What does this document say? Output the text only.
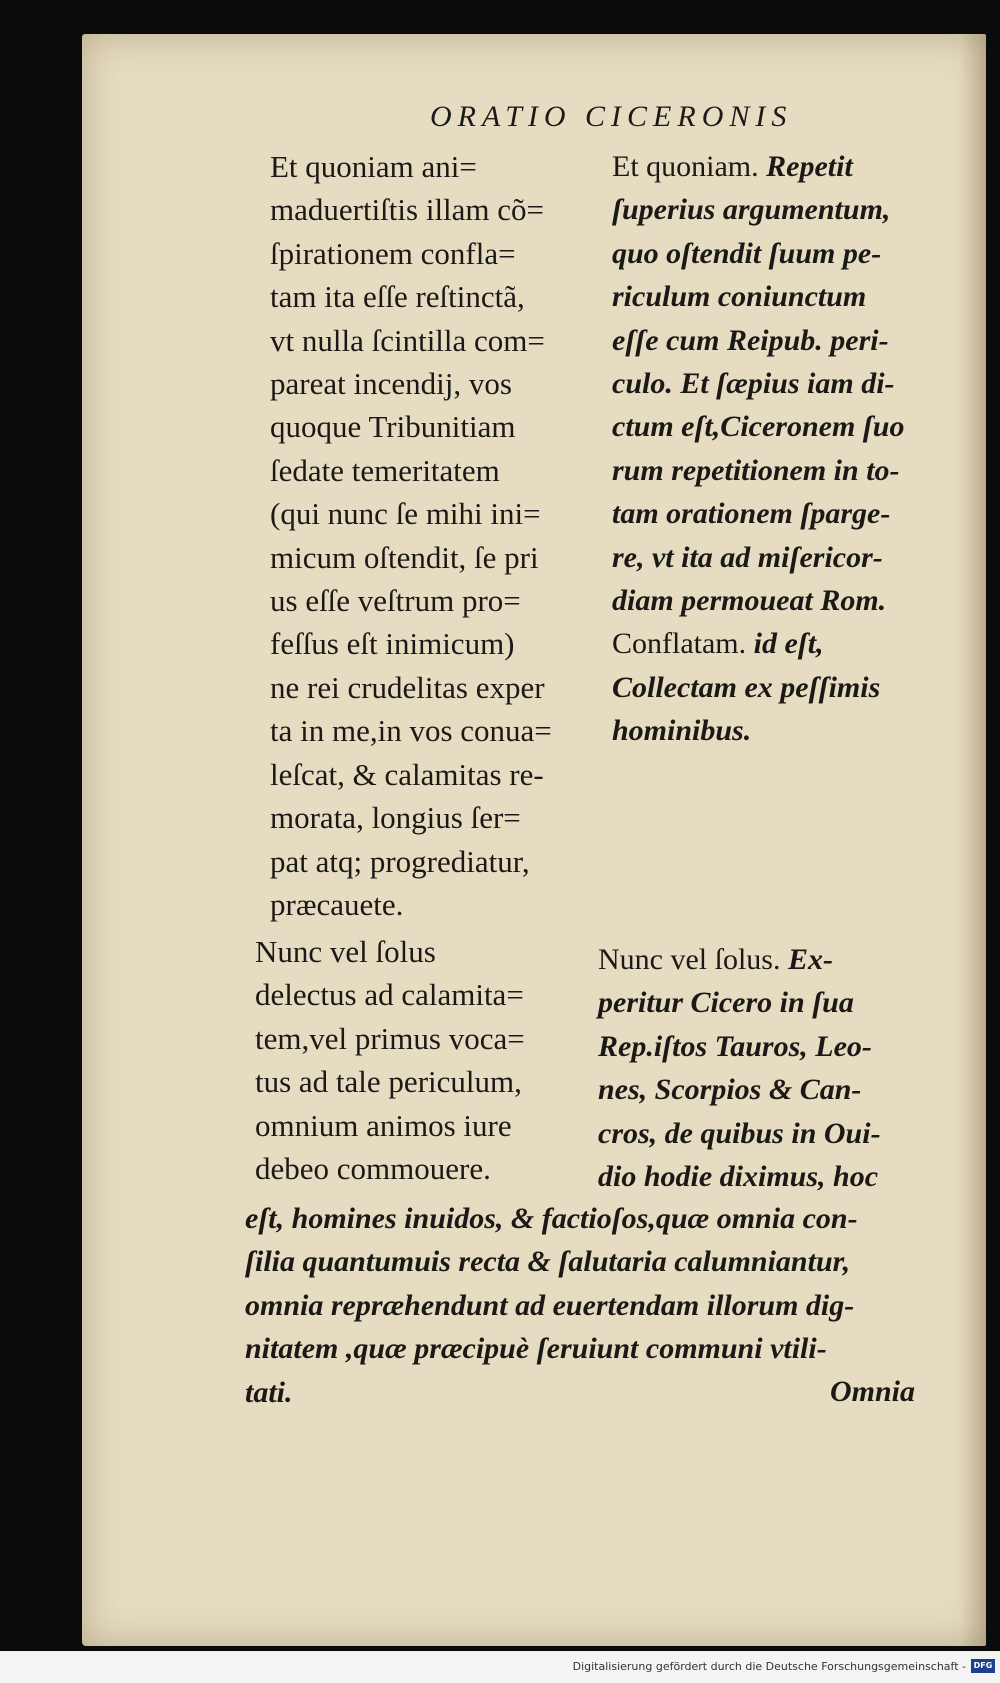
ORATIO CICERONIS
Et quoniam ani=
maduertiſtis illam cõ=
ſpirationem confla=
tam ita eſſe reſtinctã,
vt nulla ſcintilla com=
pareat incendij, vos
quoque Tribunitiam
ſedate temeritatem
(qui nunc ſe mihi ini=
micum oſtendit, ſe pri
us eſſe veſtrum pro=
feſſus eſt inimicum)
ne rei crudelitas exper
ta in me,in vos conua=
leſcat, & calamitas re-
morata, longius ſer=
pat atq; progrediatur,
præcauete.
Et quoniam. Repetit
ſuperius argumentum,
quo oſtendit ſuum pe-
riculum coniunctum
eſſe cum Reipub. peri-
culo. Et ſæpius iam di-
ctum eſt,Ciceronem ſuo
rum repetitionem in to-
tam orationem ſparge-
re, vt ita ad miſericor-
diam permoueat Rom.
Conflatam. id eſt,
Collectam ex peſſimis
hominibus.
Nunc vel ſolus
delectus ad calamita=
tem,vel primus voca=
tus ad tale periculum,
omnium animos iure
debeo commouere.
Nunc vel ſolus. Ex-
peritur Cicero in ſua
Rep.iſtos Tauros, Leo-
nes, Scorpios & Can-
cros, de quibus in Oui-
dio hodie diximus, hoc
eſt, homines inuidos, & factioſos,quæ omnia con-
ſilia quantumuis recta & ſalutaria calumniantur,
omnia repræhendunt ad euertendam illorum dig-
nitatem ,quæ præcipuè ſeruiunt communi vtili-
tati.	Omnia
Digitalisierung gefördert durch die Deutsche Forschungsgemeinschaft - DFG
